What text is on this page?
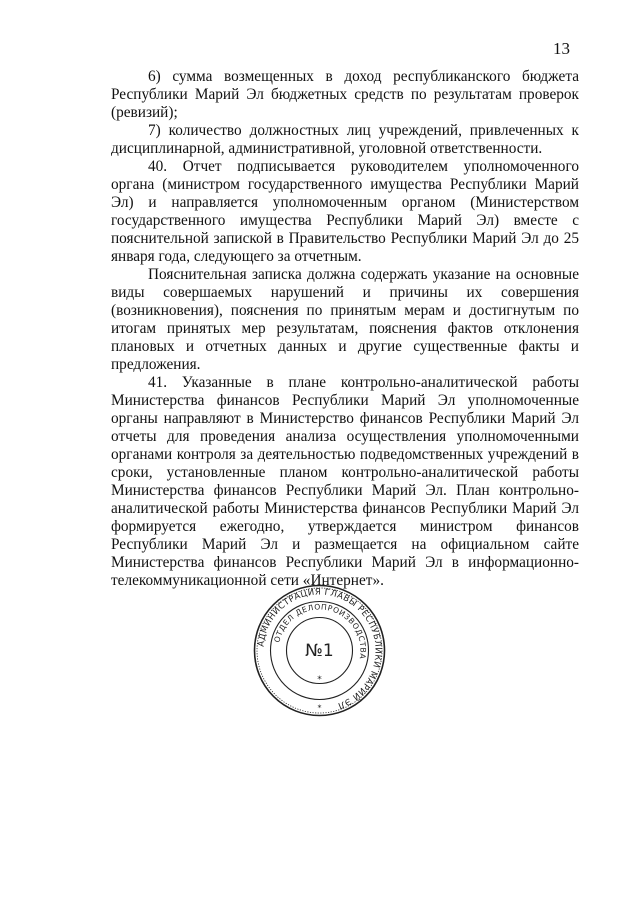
13

6) сумма возмещенных в доход республиканского бюджета Республики Марий Эл бюджетных средств по результатам проверок (ревизий);

7) количество должностных лиц учреждений, привлеченных к дисциплинарной, административной, уголовной ответственности.

40. Отчет подписывается руководителем уполномоченного органа (министром государственного имущества Республики Марий Эл) и направляется уполномоченным органом (Министерством государственного имущества Республики Марий Эл) вместе с пояснительной запиской в Правительство Республики Марий Эл до 25 января года, следующего за отчетным.

Пояснительная записка должна содержать указание на основные виды совершаемых нарушений и причины их совершения (возникновения), пояснения по принятым мерам и достигнутым по итогам принятых мер результатам, пояснения фактов отклонения плановых и отчетных данных и другие существенные факты и предложения.

41. Указанные в плане контрольно-аналитической работы Министерства финансов Республики Марий Эл уполномоченные органы направляют в Министерство финансов Республики Марий Эл отчеты для проведения анализа осуществления уполномоченными органами контроля за деятельностью подведомственных учреждений в сроки, установленные планом контрольно-аналитической работы Министерства финансов Республики Марий Эл. План контрольно-аналитической работы Министерства финансов Республики Марий Эл формируется ежегодно, утверждается министром финансов Республики Марий Эл и размещается на официальном сайте Министерства финансов Республики Марий Эл в информационно-телекоммуникационной сети «Интернет».

АДМИНИСТРАЦИЯ ГЛАВЫ РЕСПУБЛИКИ МАРИЙ ЭЛ
ОТДЕЛ ДЕЛОПРОИЗВОДСТВА
№1
*
*
